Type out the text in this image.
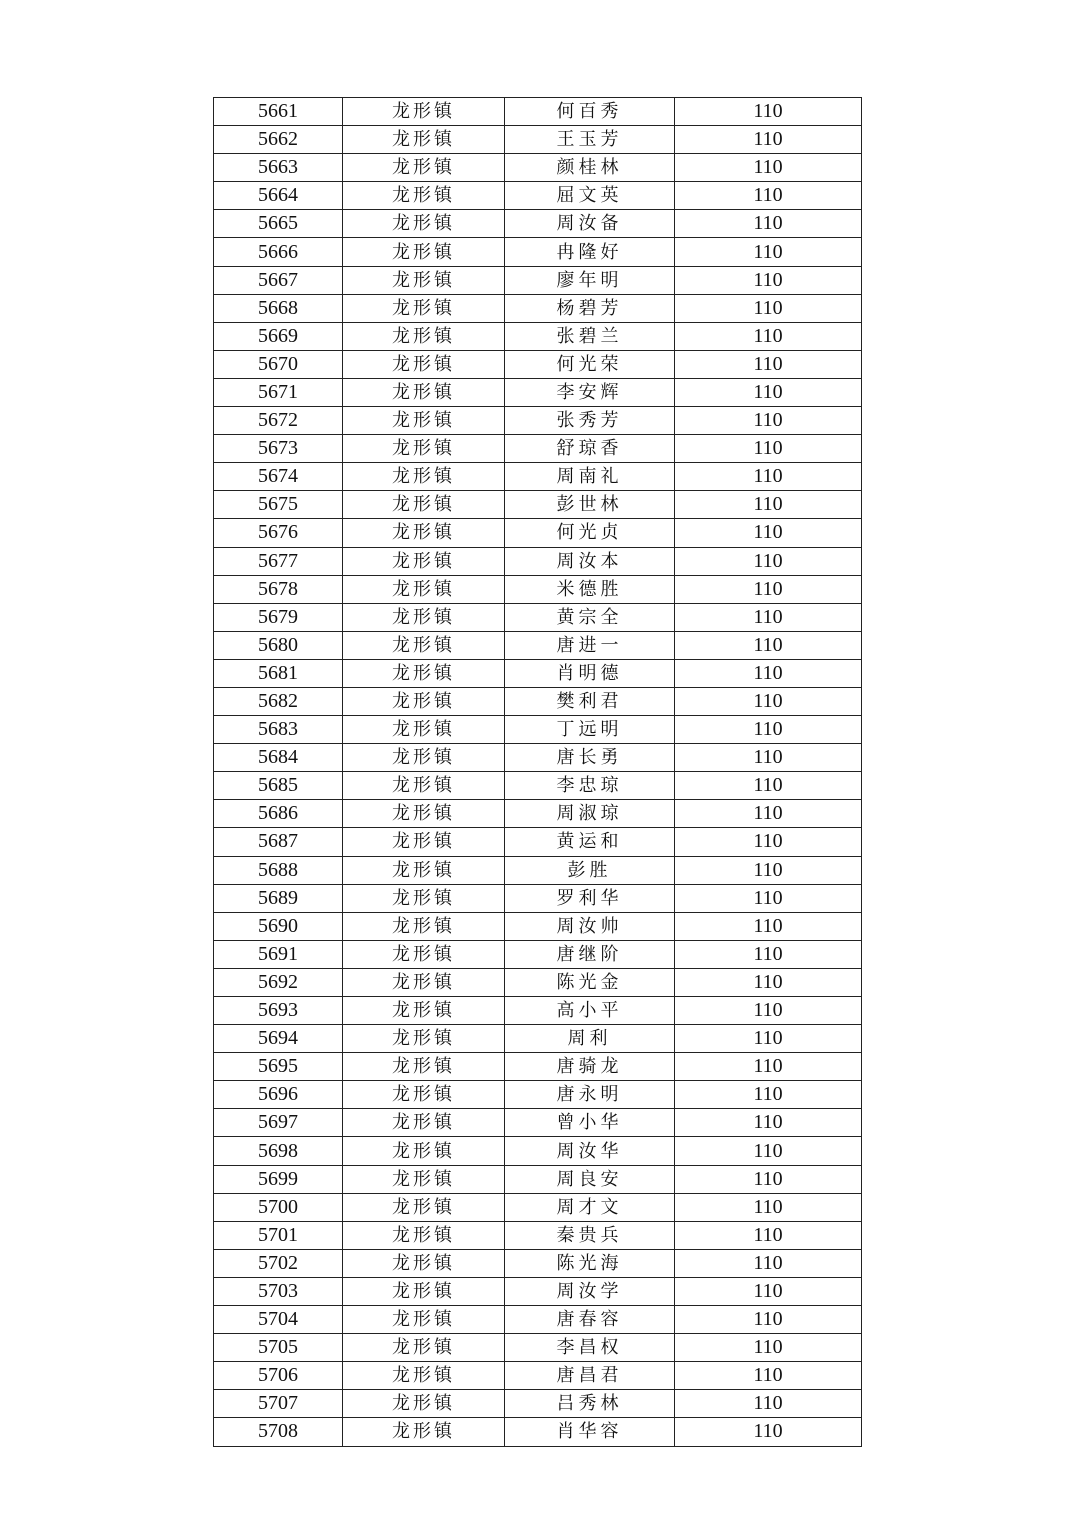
5661	龙形镇	何百秀	110
5662	龙形镇	王玉芳	110
5663	龙形镇	颜桂林	110
5664	龙形镇	屈文英	110
5665	龙形镇	周汝备	110
5666	龙形镇	冉隆好	110
5667	龙形镇	廖年明	110
5668	龙形镇	杨碧芳	110
5669	龙形镇	张碧兰	110
5670	龙形镇	何光荣	110
5671	龙形镇	李安辉	110
5672	龙形镇	张秀芳	110
5673	龙形镇	舒琼香	110
5674	龙形镇	周南礼	110
5675	龙形镇	彭世林	110
5676	龙形镇	何光贞	110
5677	龙形镇	周汝本	110
5678	龙形镇	米德胜	110
5679	龙形镇	黄宗全	110
5680	龙形镇	唐进一	110
5681	龙形镇	肖明德	110
5682	龙形镇	樊利君	110
5683	龙形镇	丁远明	110
5684	龙形镇	唐长勇	110
5685	龙形镇	李忠琼	110
5686	龙形镇	周淑琼	110
5687	龙形镇	黄运和	110
5688	龙形镇	彭胜	110
5689	龙形镇	罗利华	110
5690	龙形镇	周汝帅	110
5691	龙形镇	唐继阶	110
5692	龙形镇	陈光金	110
5693	龙形镇	高小平	110
5694	龙形镇	周利	110
5695	龙形镇	唐骑龙	110
5696	龙形镇	唐永明	110
5697	龙形镇	曾小华	110
5698	龙形镇	周汝华	110
5699	龙形镇	周良安	110
5700	龙形镇	周才文	110
5701	龙形镇	秦贵兵	110
5702	龙形镇	陈光海	110
5703	龙形镇	周汝学	110
5704	龙形镇	唐春容	110
5705	龙形镇	李昌权	110
5706	龙形镇	唐昌君	110
5707	龙形镇	吕秀林	110
5708	龙形镇	肖华容	110
